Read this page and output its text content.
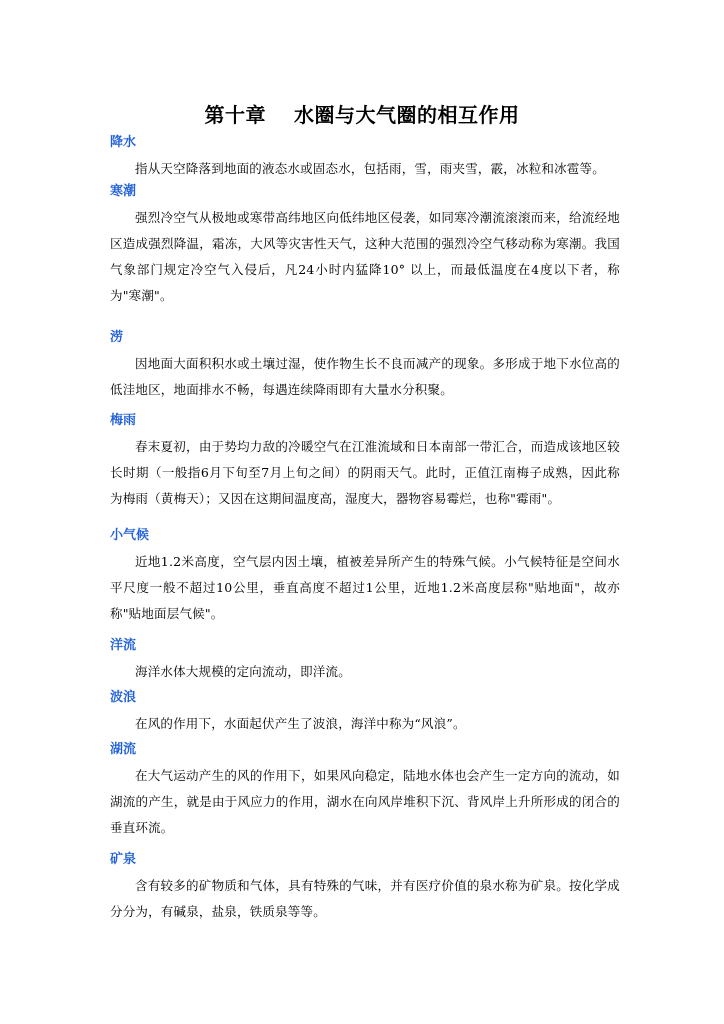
第十章　 水圈与大气圈的相互作用
降水

指从天空降落到地面的液态水或固态水，包括雨，雪，雨夹雪，霰，冰粒和冰雹等。

寒潮

强烈冷空气从极地或寒带高纬地区向低纬地区侵袭，如同寒冷潮流滚滚而来，给流经地区造成强烈降温，霜冻，大风等灾害性天气，这种大范围的强烈冷空气移动称为寒潮。我国气象部门规定冷空气入侵后，凡24小时内猛降10° 以上，而最低温度在4度以下者，称为"寒潮"。

涝

因地面大面积积水或土壤过湿，使作物生长不良而减产的现象。多形成于地下水位高的低洼地区，地面排水不畅，每遇连续降雨即有大量水分积聚。

梅雨

春末夏初，由于势均力敌的冷暖空气在江淮流域和日本南部一带汇合，而造成该地区较长时期（一般指6月下旬至7月上旬之间）的阴雨天气。此时，正值江南梅子成熟，因此称为梅雨（黄梅天）；又因在这期间温度高，湿度大，器物容易霉烂，也称"霉雨"。

小气候

近地1.2米高度，空气层内因土壤，植被差异所产生的特殊气候。小气候特征是空间水平尺度一般不超过10公里，垂直高度不超过1公里，近地1.2米高度层称"贴地面"，故亦称"贴地面层气候"。

洋流

海洋水体大规模的定向流动，即洋流。

波浪

在风的作用下，水面起伏产生了波浪，海洋中称为“风浪”。

湖流

在大气运动产生的风的作用下，如果风向稳定，陆地水体也会产生一定方向的流动，如湖流的产生，就是由于风应力的作用，湖水在向风岸堆积下沉、背风岸上升所形成的闭合的垂直环流。

矿泉

含有较多的矿物质和气体，具有特殊的气味，并有医疗价值的泉水称为矿泉。按化学成分分为，有碱泉，盐泉，铁质泉等等。
